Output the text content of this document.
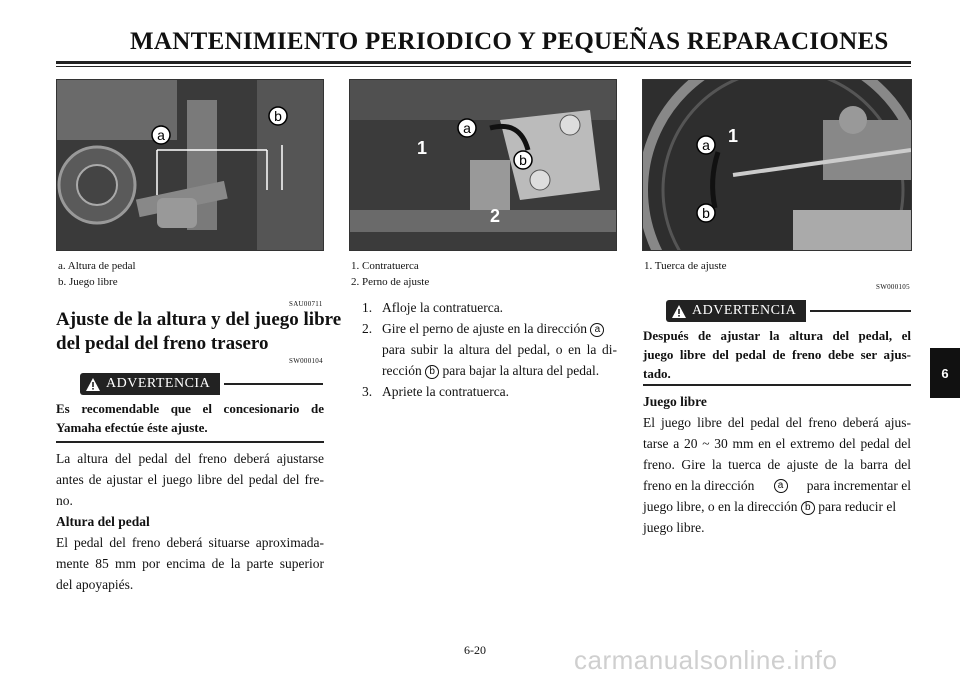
MANTENIMIENTO PERIODICO Y PEQUEÑAS REPARACIONES
a
b
a. Altura de pedal
b. Juego libre
a
b
1
2
1. Contratuerca
2. Perno de ajuste
a
b
1
1. Tuerca de ajuste
SAU00711
Ajuste de la altura y del juego libre
del pedal del freno trasero
SW000104
ADVERTENCIA
Es recomendable que el concesionario de
Yamaha efectúe éste ajuste.

La altura del pedal del freno deberá ajustarse

antes de ajustar el juego libre del pedal del fre-

no.

Altura del pedal

El pedal del freno deberá situarse aproximada-

mente 85 mm por encima de la parte superior

del apoyapiés.

1. Afloje la contratuerca.
2. Gire el perno de ajuste en la dirección a

para subir la altura del pedal, o en la di-
rección b para bajar la altura del pedal.
3. Apriete la contratuerca.
SW000105
ADVERTENCIA
Después de ajustar la altura del pedal, el
juego libre del pedal de freno debe ser ajus-
tado.

Juego libre

El juego libre del pedal del freno deberá ajus-

tarse a 20 ~ 30 mm en el extremo del pedal del

freno. Gire la tuerca de ajuste de la barra del

freno en la dirección	a	para incrementar el

juego libre, o en la dirección b para reducir el

juego libre.

6
6-20	carmanualsonline.info
